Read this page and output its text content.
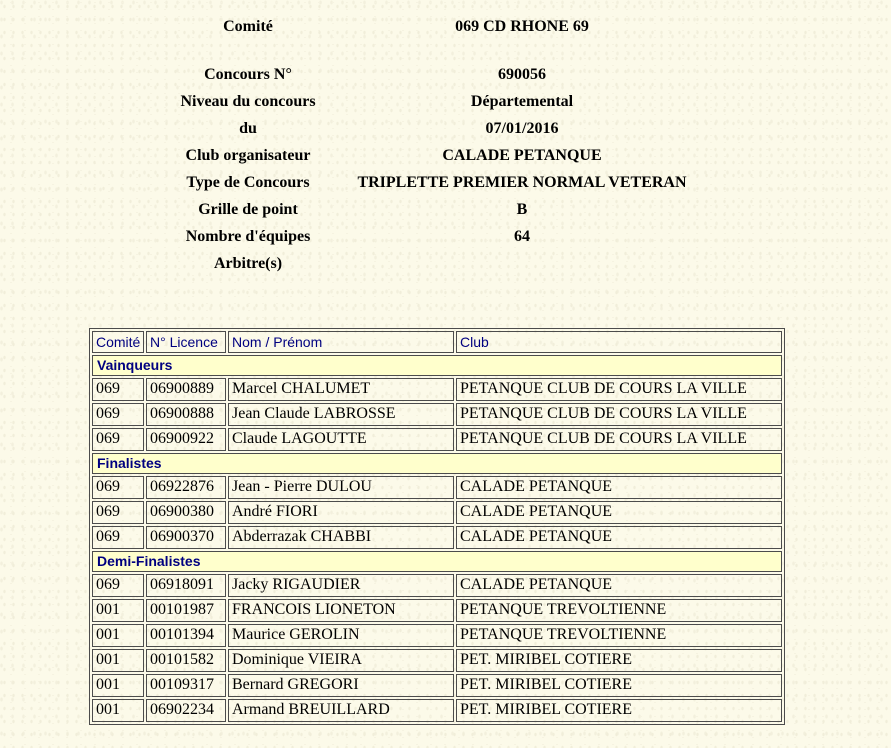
Comité	069 CD RHONE 69
Concours N°	690056
Niveau du concours	Départemental
du	07/01/2016
Club organisateur	CALADE PETANQUE
Type de Concours	TRIPLETTE PREMIER NORMAL VETERAN
Grille de point	B
Nombre d'équipes	64
Arbitre(s)
Comité	N° Licence	Nom / Prénom	Club
Vainqueurs			
069	06900889	Marcel CHALUMET	PETANQUE CLUB DE COURS LA VILLE
069	06900888	Jean Claude LABROSSE	PETANQUE CLUB DE COURS LA VILLE
069	06900922	Claude LAGOUTTE	PETANQUE CLUB DE COURS LA VILLE
Finalistes			
069	06922876	Jean - Pierre DULOU	CALADE PETANQUE
069	06900380	André FIORI	CALADE PETANQUE
069	06900370	Abderrazak CHABBI	CALADE PETANQUE
Demi-Finalistes			
069	06918091	Jacky RIGAUDIER	CALADE PETANQUE
001	00101987	FRANCOIS LIONETON	PETANQUE TREVOLTIENNE
001	00101394	Maurice GEROLIN	PETANQUE TREVOLTIENNE
001	00101582	Dominique VIEIRA	PET. MIRIBEL COTIERE
001	00109317	Bernard GREGORI	PET. MIRIBEL COTIERE
001	06902234	Armand BREUILLARD	PET. MIRIBEL COTIERE
